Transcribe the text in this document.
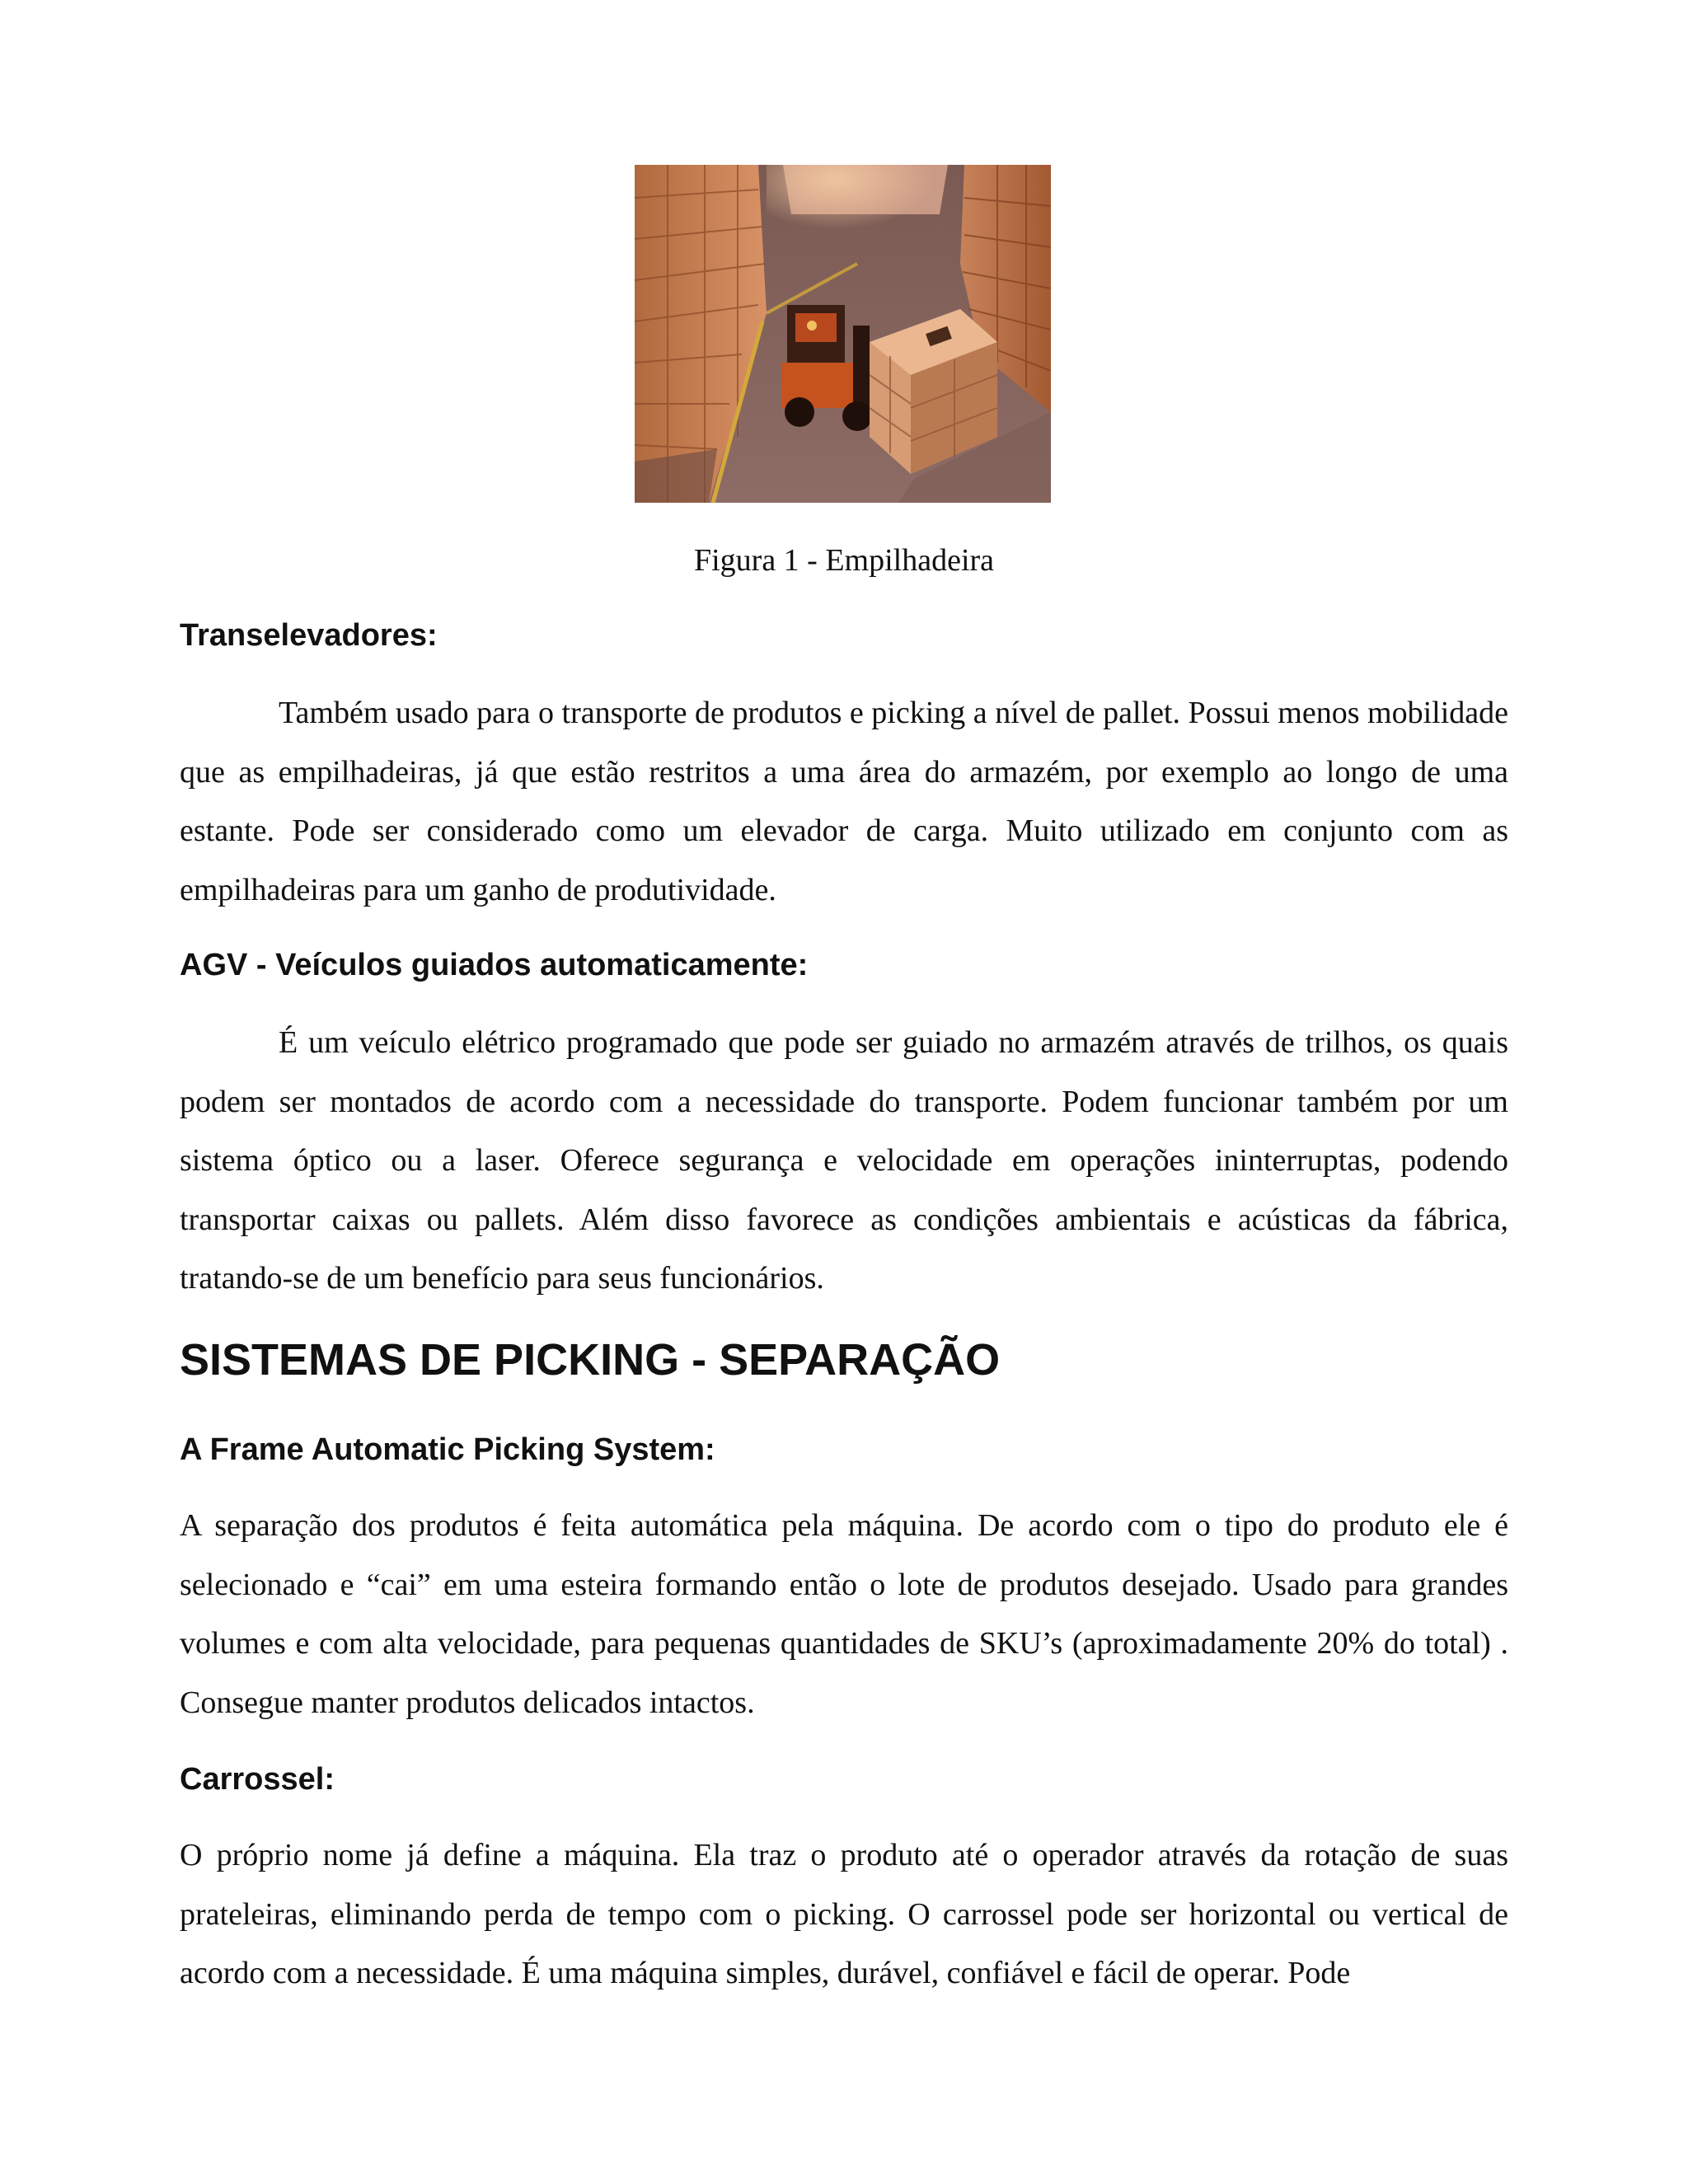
Figura 1 - Empilhadeira
Transelevadores:

Também usado para o transporte de produtos e picking a nível de pallet. Possui menos mobilidade que as empilhadeiras, já que estão restritos a uma área do armazém, por exemplo ao longo de uma estante. Pode ser considerado como um elevador de carga. Muito utilizado em conjunto com as empilhadeiras para um ganho de produtividade.

AGV - Veículos guiados automaticamente:

É um veículo elétrico programado que pode ser guiado no armazém através de trilhos, os quais podem ser montados de acordo com a necessidade do transporte. Podem funcionar também por um sistema óptico ou a laser. Oferece segurança e velocidade em operações ininterruptas, podendo transportar caixas ou pallets. Além disso favorece as condições ambientais e acústicas da fábrica, tratando-se de um benefício para seus funcionários.

SISTEMAS DE PICKING - SEPARAÇÃO
A Frame Automatic Picking System:

A separação dos produtos é feita automática pela máquina. De acordo com o tipo do produto ele é selecionado e “cai” em uma esteira formando então o lote de produtos desejado. Usado para grandes volumes e com alta velocidade, para pequenas quantidades de SKU’s (aproximadamente 20% do total) . Consegue manter produtos delicados intactos.

Carrossel:

O próprio nome já define a máquina. Ela traz o produto até o operador através da rotação de suas prateleiras, eliminando perda de tempo com o picking. O carrossel pode ser horizontal ou vertical de acordo com a necessidade. É uma máquina simples, durável, confiável e fácil de operar. Pode
